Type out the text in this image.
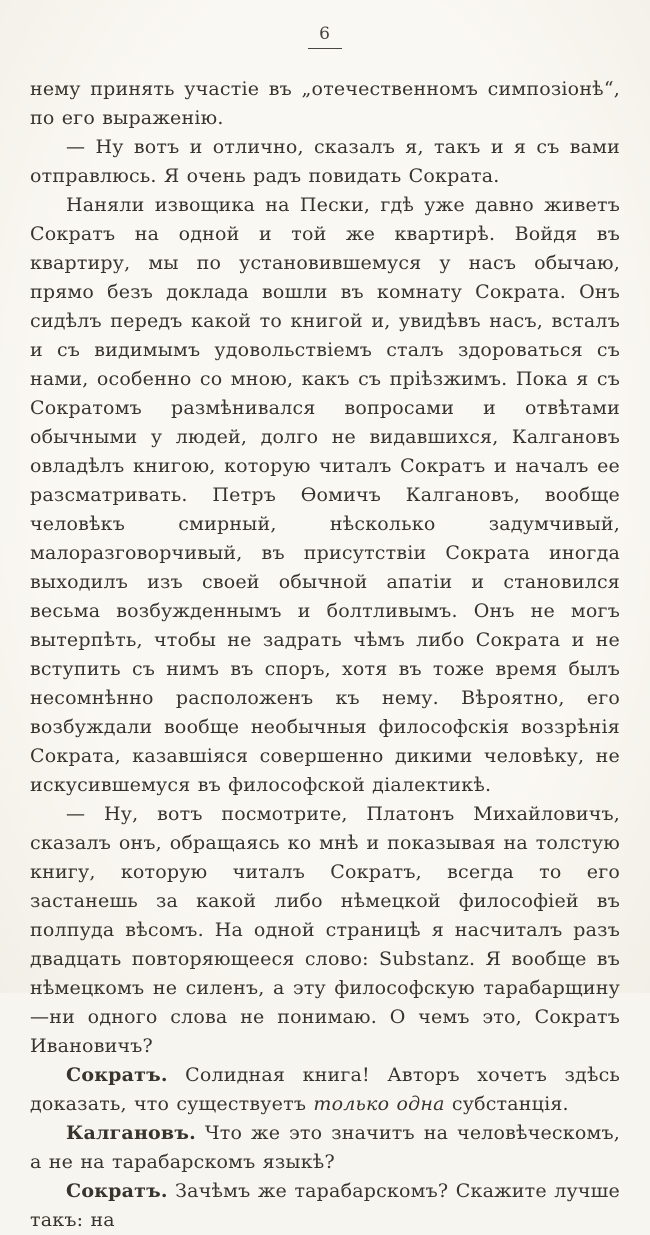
6

нему принять участіе въ „отечественномъ симпозіонѣ“, по его выраженію.

— Ну вотъ и отлично, сказалъ я, такъ и я съ вами отправлюсь. Я очень радъ повидать Сократа.

Наняли извощика на Пески, гдѣ уже давно живетъ Сократъ на одной и той же квартирѣ. Войдя въ квартиру, мы по установившемуся у насъ обычаю, прямо безъ доклада вошли въ комнату Сократа. Онъ сидѣлъ передъ какой то книгой и, увидѣвъ насъ, всталъ и съ видимымъ удовольствіемъ сталъ здороваться съ нами, особенно со мною, какъ съ пріѣзжимъ. Пока я съ Сократомъ размѣнивался вопросами и отвѣтами обычными у людей, долго не видавшихся, Калгановъ овладѣлъ книгою, которую читалъ Сократъ и началъ ее разсматривать. Петръ Ѳомичъ Калгановъ, вообще человѣкъ смирный, нѣсколько задумчивый, малоразговорчивый, въ присутствіи Сократа иногда выходилъ изъ своей обычной апатіи и становился весьма возбужденнымъ и болтливымъ. Онъ не могъ вытерпѣть, чтобы не задрать чѣмъ либо Сократа и не вступить съ нимъ въ споръ, хотя въ тоже время былъ несомнѣнно расположенъ къ нему. Вѣроятно, его возбуждали вообще необычныя философскія воззрѣнія Сократа, казавшіяся совершенно дикими человѣку, не искусившемуся въ философской діалектикѣ.

— Ну, вотъ посмотрите, Платонъ Михайловичъ, сказалъ онъ, обращаясь ко мнѣ и показывая на толстую книгу, которую читалъ Сократъ, всегда то его застанешь за какой либо нѣмецкой философіей въ полпуда вѣсомъ. На одной страницѣ я насчиталъ разъ двадцать повторяющееся слово: Substanz. Я вообще въ нѣмецкомъ не силенъ, а эту философскую тарабарщину—ни одного слова не понимаю. О чемъ это, Сократъ Ивановичъ?

Сократъ. Солидная книга! Авторъ хочетъ здѣсь доказать, что существуетъ только одна субстанція.

Калгановъ. Что же это значитъ на человѣческомъ, а не на тарабарскомъ языкѣ?

Сократъ. Зачѣмъ же тарабарскомъ? Скажите лучше такъ: на
